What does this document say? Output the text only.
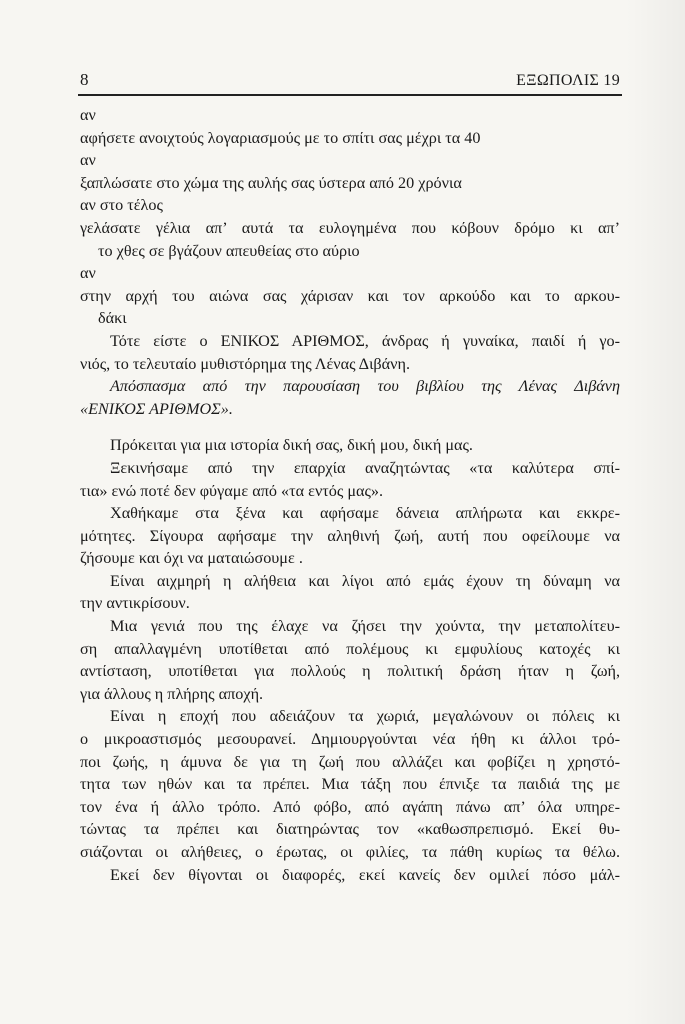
8	ΕΞΩΠΟΛΙΣ 19
αν
αφήσετε ανοιχτούς λογαριασμούς με το σπίτι σας μέχρι τα 40
αν
ξαπλώσατε στο χώμα της αυλής σας ύστερα από 20 χρόνια
αν στο τέλος
γελάσατε γέλια απ’ αυτά τα ευλογημένα που κόβουν δρόμο κι απ’
το χθες σε βγάζουν απευθείας στο αύριο
αν
στην αρχή του αιώνα σας χάρισαν και τον αρκούδο και το αρκου-
δάκι
Τότε είστε ο ΕΝΙΚΟΣ ΑΡΙΘΜΟΣ, άνδρας ή γυναίκα, παιδί ή γο-
νιός, το τελευταίο μυθιστόρημα της Λένας Διβάνη.
Απόσπασμα από την παρουσίαση του βιβλίου της Λένας Διβάνη
«ΕΝΙΚΟΣ ΑΡΙΘΜΟΣ».
Πρόκειται για μια ιστορία δική σας, δική μου, δική μας.
Ξεκινήσαμε από την επαρχία αναζητώντας «τα καλύτερα σπί-
τια» ενώ ποτέ δεν φύγαμε από «τα εντός μας».
Χαθήκαμε στα ξένα και αφήσαμε δάνεια απλήρωτα και εκκρε-
μότητες. Σίγουρα αφήσαμε την αληθινή ζωή, αυτή που οφείλουμε να
ζήσουμε και όχι να ματαιώσουμε .
Είναι αιχμηρή η αλήθεια και λίγοι από εμάς έχουν τη δύναμη να
την αντικρίσουν.
Μια γενιά που της έλαχε να ζήσει την χούντα, την μεταπολίτευ-
ση απαλλαγμένη υποτίθεται από πολέμους κι εμφυλίους κατοχές κι
αντίσταση, υποτίθεται για πολλούς η πολιτική δράση ήταν η ζωή,
για άλλους η πλήρης αποχή.
Είναι η εποχή που αδειάζουν τα χωριά, μεγαλώνουν οι πόλεις κι
ο μικροαστισμός μεσουρανεί. Δημιουργούνται νέα ήθη κι άλλοι τρό-
ποι ζωής, η άμυνα δε για τη ζωή που αλλάζει και φοβίζει η χρηστό-
τητα των ηθών και τα πρέπει. Μια τάξη που έπνιξε τα παιδιά της με
τον ένα ή άλλο τρόπο. Από φόβο, από αγάπη πάνω απ’ όλα υπηρε-
τώντας τα πρέπει και διατηρώντας τον «καθωσπρεπισμό. Εκεί θυ-
σιάζονται οι αλήθειες, ο έρωτας, οι φιλίες, τα πάθη κυρίως τα θέλω.
Εκεί δεν θίγονται οι διαφορές, εκεί κανείς δεν ομιλεί πόσο μάλ-
